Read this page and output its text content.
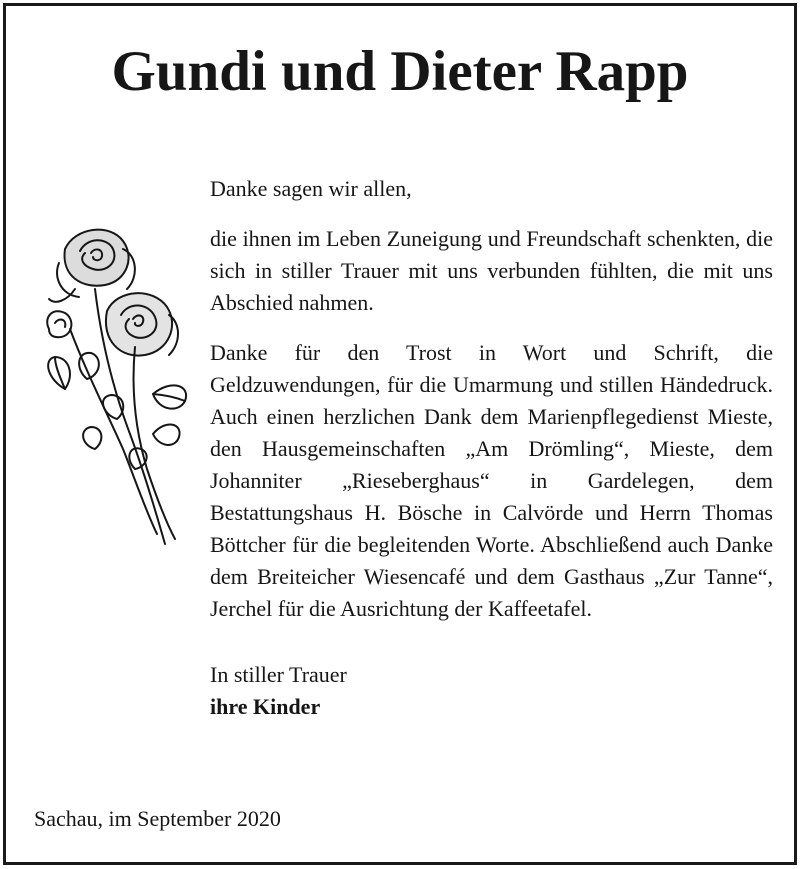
Gundi und Dieter Rapp

Danke sagen wir allen,

die ihnen im Leben Zuneigung und Freundschaft schenkten, die sich in stiller Trauer mit uns verbunden fühlten, die mit uns Abschied nahmen.

Danke für den Trost in Wort und Schrift, die Geldzuwendungen, für die Umarmung und stillen Händedruck. Auch einen herzlichen Dank dem Marienpflegedienst Mieste, den Hausgemeinschaften „Am Drömling“, Mieste, dem Johanniter „Rieseberghaus“ in Gardelegen, dem Bestattungshaus H. Bösche in Calvörde und Herrn Thomas Böttcher für die begleitenden Worte. Abschließend auch Danke dem Breiteicher Wiesencafé und dem Gasthaus „Zur Tanne“, Jerchel für die Ausrichtung der Kaffeetafel.

In stiller Trauer

ihre Kinder

Sachau, im September 2020
